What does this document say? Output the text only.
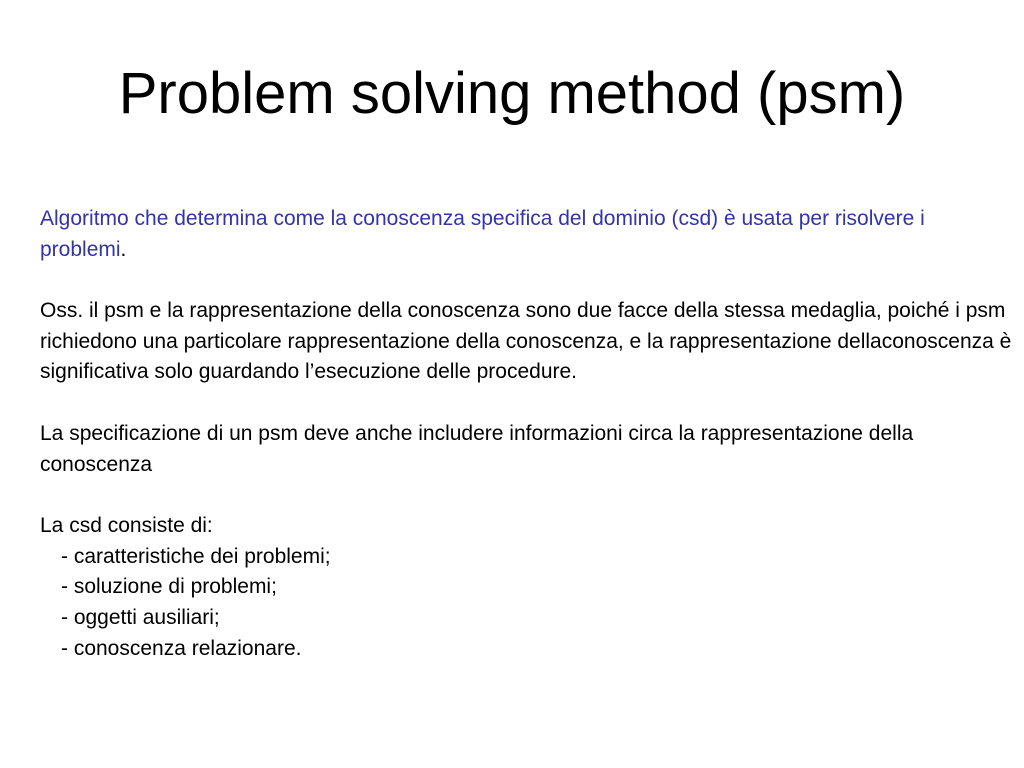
Problem solving method (psm)

Algoritmo che determina come la conoscenza specifica del dominio (csd) è usata per risolvere i problemi.

Oss. il psm e la rappresentazione della conoscenza sono due facce della stessa medaglia, poiché i psm richiedono una particolare rappresentazione della conoscenza, e la rappresentazione dellaconoscenza è significativa solo guardando l’esecuzione delle procedure.

La specificazione di un psm deve anche includere informazioni circa la rappresentazione della conoscenza

La csd consiste di:

- caratteristiche dei problemi;
- soluzione di problemi;
- oggetti ausiliari;
- conoscenza relazionare.
